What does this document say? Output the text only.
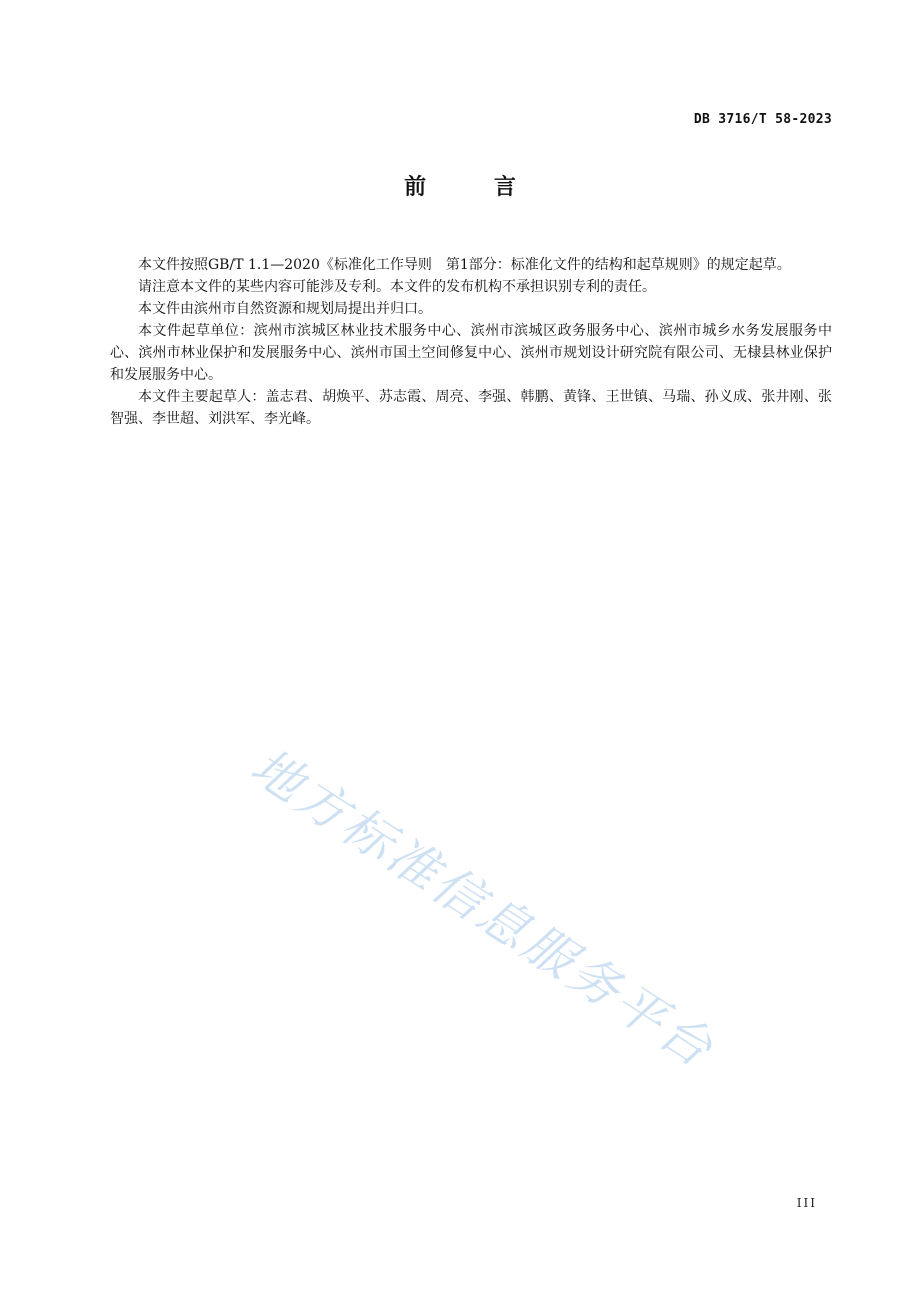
DB 3716/T 58-2023
前 言

本文件按照GB/T 1.1—2020《标准化工作导则　第1部分：标准化文件的结构和起草规则》的规定起草。

请注意本文件的某些内容可能涉及专利。本文件的发布机构不承担识别专利的责任。

本文件由滨州市自然资源和规划局提出并归口。

本文件起草单位：滨州市滨城区林业技术服务中心、滨州市滨城区政务服务中心、滨州市城乡水务发展服务中心、滨州市林业保护和发展服务中心、滨州市国土空间修复中心、滨州市规划设计研究院有限公司、无棣县林业保护和发展服务中心。

本文件主要起草人：盖志君、胡焕平、苏志霞、周亮、李强、韩鹏、黄锋、王世镇、马瑞、孙义成、张井刚、张智强、李世超、刘洪军、李光峰。

地方标准信息服务平台
III
